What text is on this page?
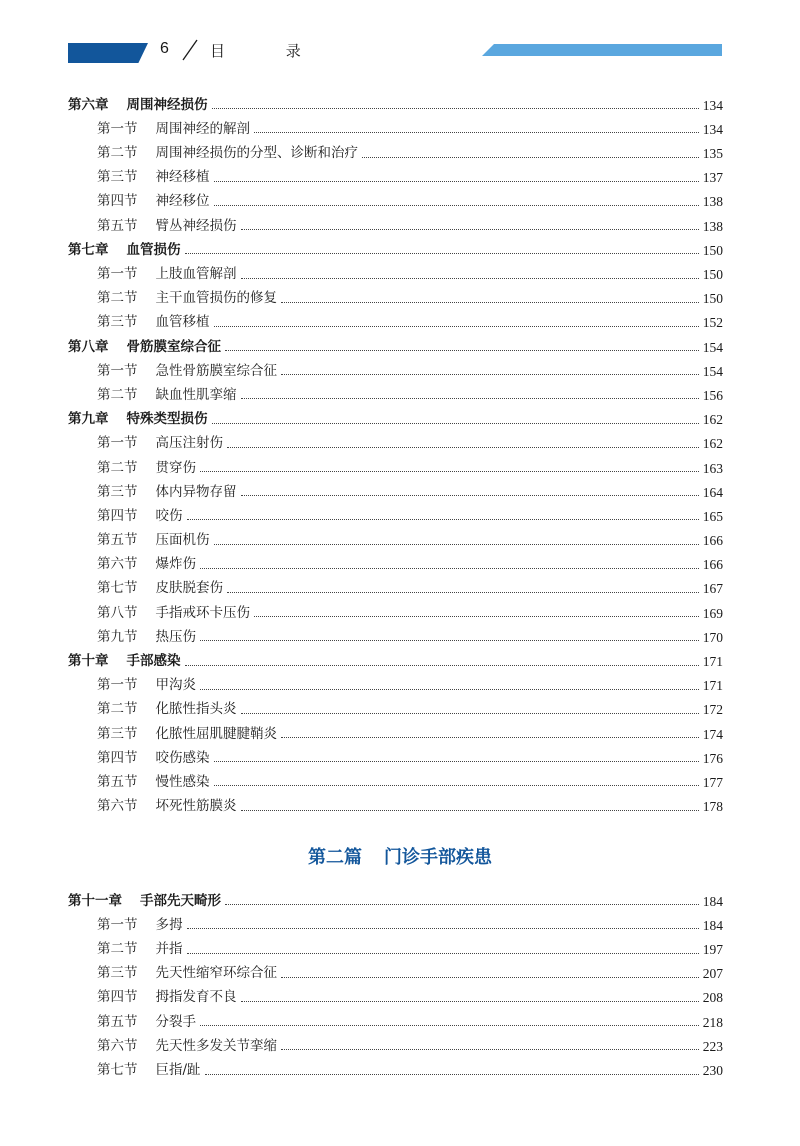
6	目 录
第六章 周围神经损伤	134
第一节 周围神经的解剖	134
第二节 周围神经损伤的分型、诊断和治疗	135
第三节 神经移植	137
第四节 神经移位	138
第五节 臂丛神经损伤	138
第七章 血管损伤	150
第一节 上肢血管解剖	150
第二节 主干血管损伤的修复	150
第三节 血管移植	152
第八章 骨筋膜室综合征	154
第一节 急性骨筋膜室综合征	154
第二节 缺血性肌挛缩	156
第九章 特殊类型损伤	162
第一节 高压注射伤	162
第二节 贯穿伤	163
第三节 体内异物存留	164
第四节 咬伤	165
第五节 压面机伤	166
第六节 爆炸伤	166
第七节 皮肤脱套伤	167
第八节 手指戒环卡压伤	169
第九节 热压伤	170
第十章 手部感染	171
第一节 甲沟炎	171
第二节 化脓性指头炎	172
第三节 化脓性屈肌腱腱鞘炎	174
第四节 咬伤感染	176
第五节 慢性感染	177
第六节 坏死性筋膜炎	178
第二篇 门诊手部疾患
第十一章 手部先天畸形	184
第一节 多拇	184
第二节 并指	197
第三节 先天性缩窄环综合征	207
第四节 拇指发育不良	208
第五节 分裂手	218
第六节 先天性多发关节挛缩	223
第七节 巨指/趾	230
